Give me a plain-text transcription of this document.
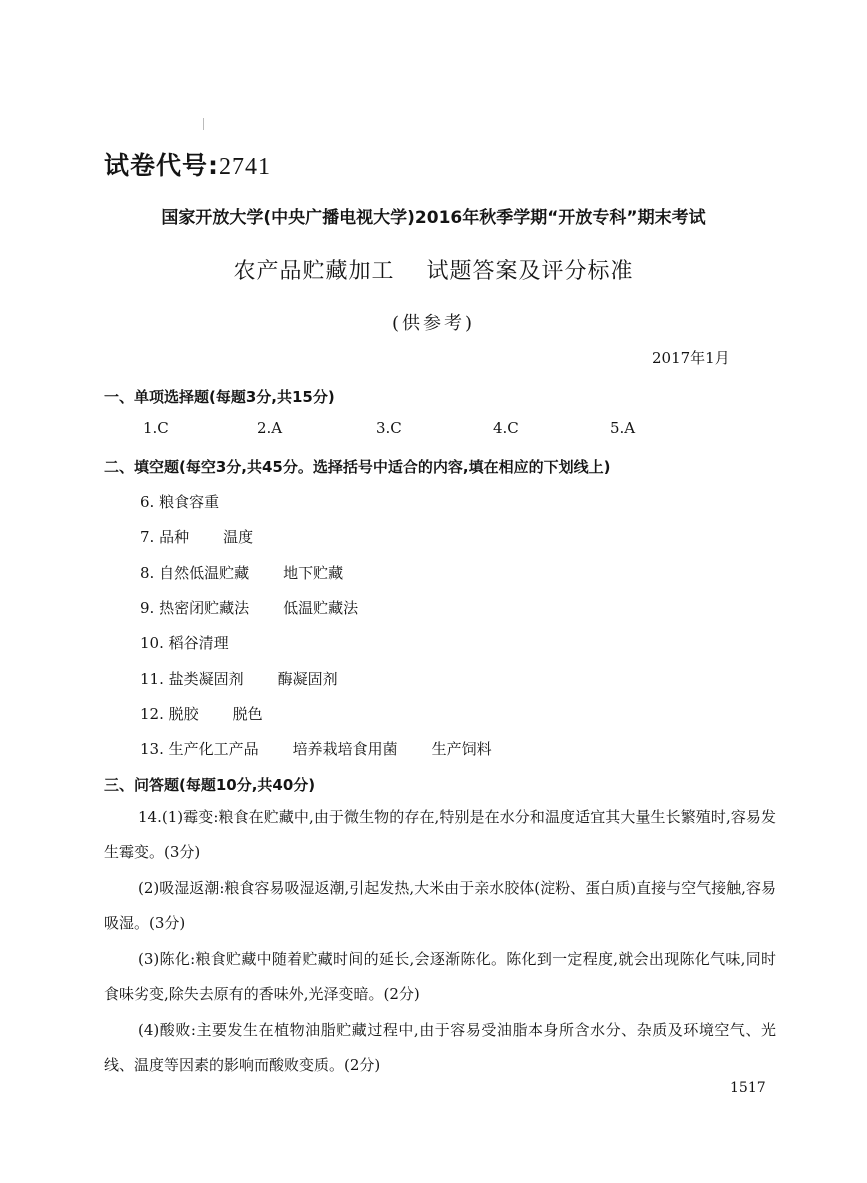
试卷代号:2741
国家开放大学(中央广播电视大学)2016年秋季学期“开放专科”期末考试
农产品贮藏加工    试题答案及评分标准
(供参考)
2017年1月
一、单项选择题(每题3分,共15分)
1.C	2.A	3.C	4.C	5.A
二、填空题(每空3分,共45分。选择括号中适合的内容,填在相应的下划线上)
6. 粮食容重
7. 品种 温度
8. 自然低温贮藏 地下贮藏
9. 热密闭贮藏法 低温贮藏法
10. 稻谷清理
11. 盐类凝固剂 酶凝固剂
12. 脱胶 脱色
13. 生产化工产品 培养栽培食用菌 生产饲料
三、问答题(每题10分,共40分)
14.(1)霉变:粮食在贮藏中,由于微生物的存在,特别是在水分和温度适宜其大量生长繁殖时,容易发生霉变。(3分)
(2)吸湿返潮:粮食容易吸湿返潮,引起发热,大米由于亲水胶体(淀粉、蛋白质)直接与空气接触,容易吸湿。(3分)
(3)陈化:粮食贮藏中随着贮藏时间的延长,会逐渐陈化。陈化到一定程度,就会出现陈化气味,同时食味劣变,除失去原有的香味外,光泽变暗。(2分)
(4)酸败:主要发生在植物油脂贮藏过程中,由于容易受油脂本身所含水分、杂质及环境空气、光线、温度等因素的影响而酸败变质。(2分)
1517
